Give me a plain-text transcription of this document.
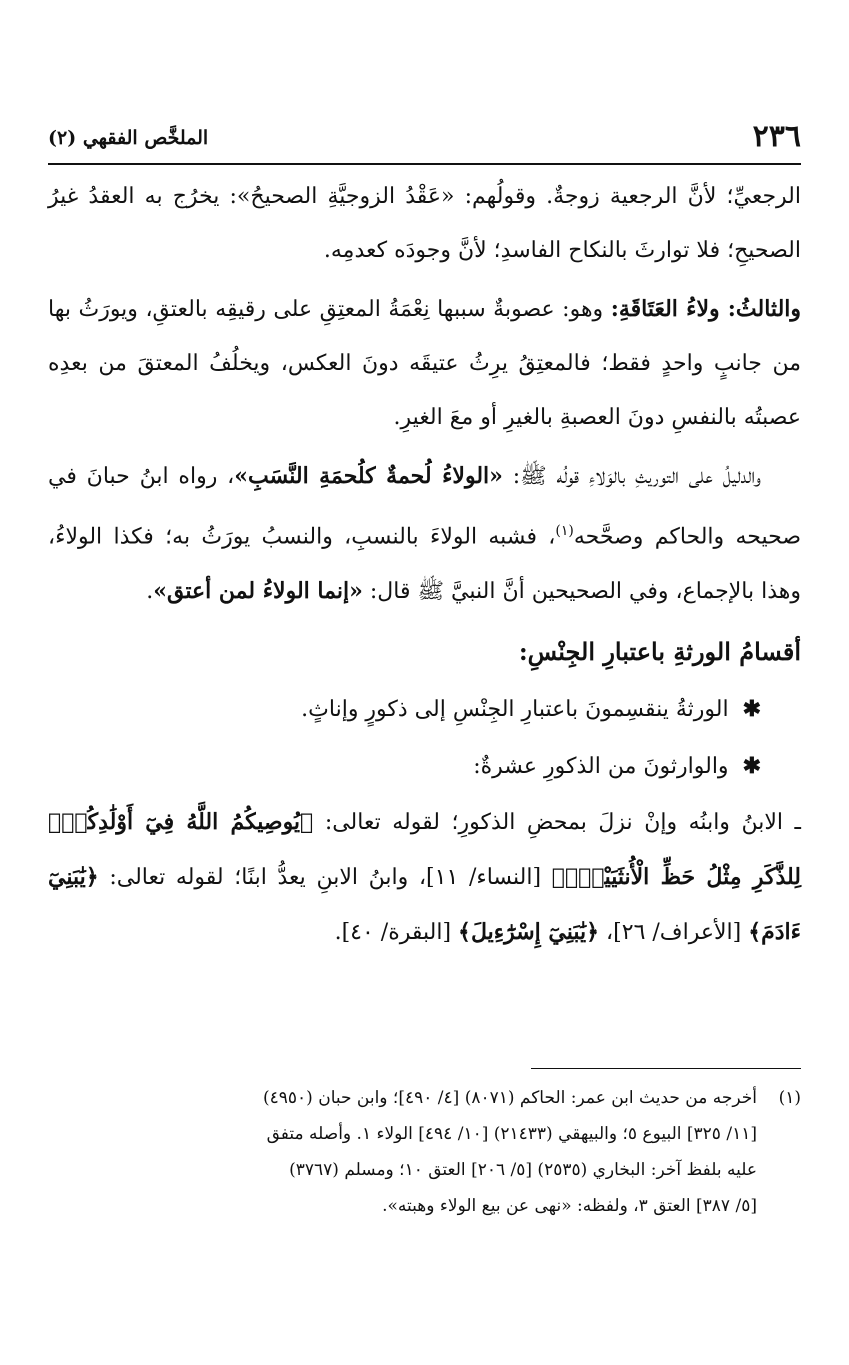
٢٣٦
الملخَّص الفقهي (٢)

الرجعيِّ؛ لأنَّ الرجعية زوجةٌ. وقولُهم: «عَقْدُ الزوجيَّةِ الصحيحُ»: يخرُج به العقدُ غيرُ الصحيحِ؛ فلا توارثَ بالنكاح الفاسدِ؛ لأنَّ وجودَه كعدمِه.

والثالثُ: ولاءُ العَتَاقَةِ: وهو: عصوبةٌ سببها نِعْمَةُ المعتِقِ على رقيقِه بالعتقِ، ويورَثُ بها من جانبٍ واحدٍ فقط؛ فالمعتِقُ يرِثُ عتيقَه دونَ العكس، ويخلُفُ المعتقَ من بعدِه عصبتُه بالنفسِ دونَ العصبةِ بالغيرِ أو معَ الغيرِ.

والدليلُ على التوريثِ بالوَلاءِ قولُه ﷺ: «الولاءُ لُحمةٌ كلُحمَةِ النَّسَبِ»، رواه ابنُ حبانَ في صحيحه والحاكم وصحَّحه$^{(١)}$، فشبه الولاءَ بالنسبِ، والنسبُ يورَثُ به؛ فكذا الولاءُ، وهذا بالإجماع، وفي الصحيحين أنَّ النبيَّ ﷺ قال: «إنما الولاءُ لمن أعتق».

أقسامُ الورثةِ باعتبارِ الجِنْسِ:

✱الورثةُ ينقسِمونَ باعتبارِ الجِنْسِ إلى ذكورٍ وإناثٍ.

✱والوارثونَ من الذكورِ عشرةٌ:

ـ الابنُ وابنُه وإنْ نزلَ بمحضِ الذكورِ؛ لقوله تعالى: ﴿يُوصِيكُمُ اللَّهُ فِيٓ أَوْلَٰدِكُمْۖ لِلذَّكَرِ مِثْلُ حَظِّ الْأُنثَيَيْنِۚ﴾ [النساء/ ١١]، وابنُ الابنِ يعدُّ ابنًا؛ لقوله تعالى: ﴿يَٰبَنِيٓ ءَادَمَ﴾ [الأعراف/ ٢٦]، ﴿يَٰبَنِيٓ إِسْرَٰٓءِيلَ﴾ [البقرة/ ٤٠].

(١)أخرجه من حديث ابن عمر: الحاكم (٨٠٧١) [٤/ ٤٩٠]؛ وابن حبان (٤٩٥٠)

[١١/ ٣٢٥] البيوع ٥؛ والبيهقي (٢١٤٣٣) [١٠/ ٤٩٤] الولاء ١. وأصله متفق

عليه بلفظ آخر: البخاري (٢٥٣٥) [٥/ ٢٠٦] العتق ١٠؛ ومسلم (٣٧٦٧)

[٥/ ٣٨٧] العتق ٣، ولفظه: «نهى عن بيع الولاء وهبته».
